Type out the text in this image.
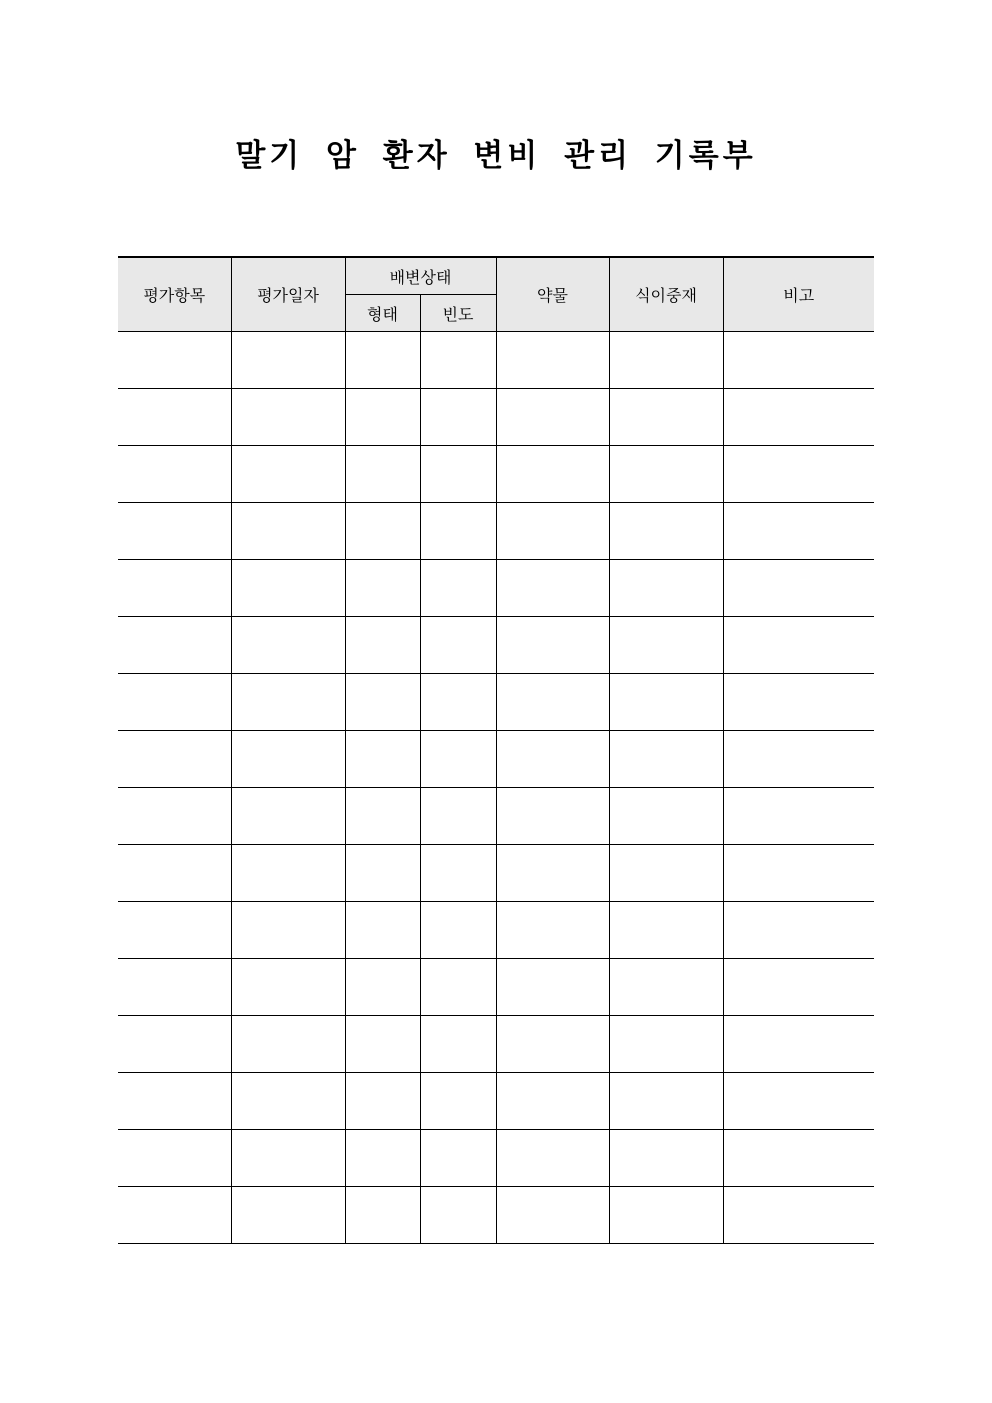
말기 암 환자 변비 관리 기록부
평가항목	평가일자	배변상태		약물	식이중재	비고
		형태	빈도			
